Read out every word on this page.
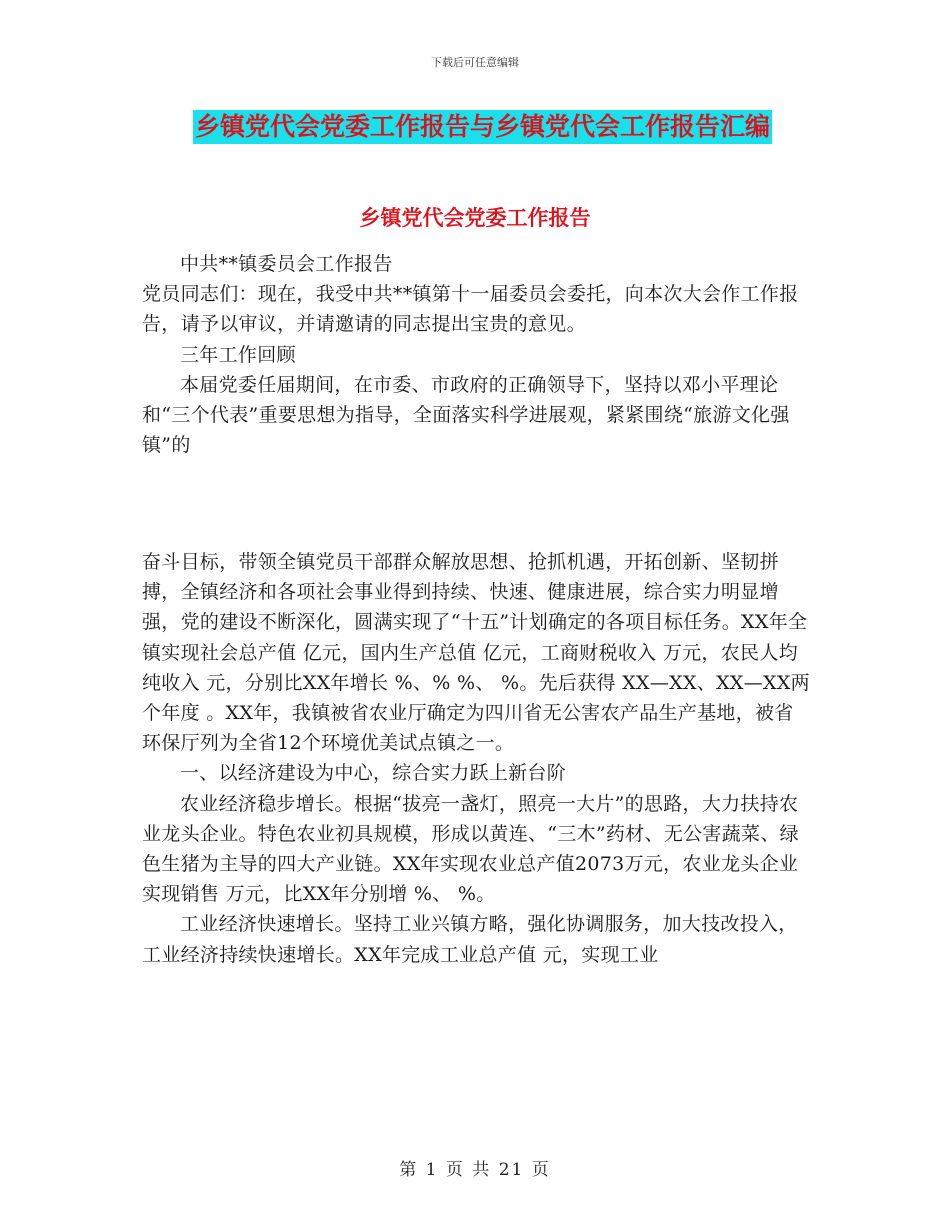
下载后可任意编辑
乡镇党代会党委工作报告与乡镇党代会工作报告汇编
乡镇党代会党委工作报告

中共**镇委员会工作报告

党员同志们：现在，我受中共**镇第十一届委员会委托，向本次大会作工作报告，请予以审议，并请邀请的同志提出宝贵的意见。

三年工作回顾

本届党委任届期间，在市委、市政府的正确领导下，坚持以邓小平理论和“三个代表”重要思想为指导，全面落实科学进展观，紧紧围绕“旅游文化强镇”的

奋斗目标，带领全镇党员干部群众解放思想、抢抓机遇，开拓创新、坚韧拼搏，全镇经济和各项社会事业得到持续、快速、健康进展，综合实力明显增强，党的建设不断深化，圆满实现了“十五”计划确定的各项目标任务。XX年全镇实现社会总产值 亿元，国内生产总值 亿元，工商财税收入 万元，农民人均纯收入 元，分别比XX年增长 %、% %、 %。先后获得 XX—XX、XX—XX两个年度 。XX年，我镇被省农业厅确定为四川省无公害农产品生产基地，被省环保厅列为全省12个环境优美试点镇之一。

一、以经济建设为中心，综合实力跃上新台阶

农业经济稳步增长。根据“拔亮一盏灯，照亮一大片”的思路，大力扶持农业龙头企业。特色农业初具规模，形成以黄连、“三木”药材、无公害蔬菜、绿色生猪为主导的四大产业链。XX年实现农业总产值2073万元，农业龙头企业实现销售 万元，比XX年分别增 %、 %。

工业经济快速增长。坚持工业兴镇方略，强化协调服务，加大技改投入，工业经济持续快速增长。XX年完成工业总产值 元，实现工业

第 1 页 共 21 页
